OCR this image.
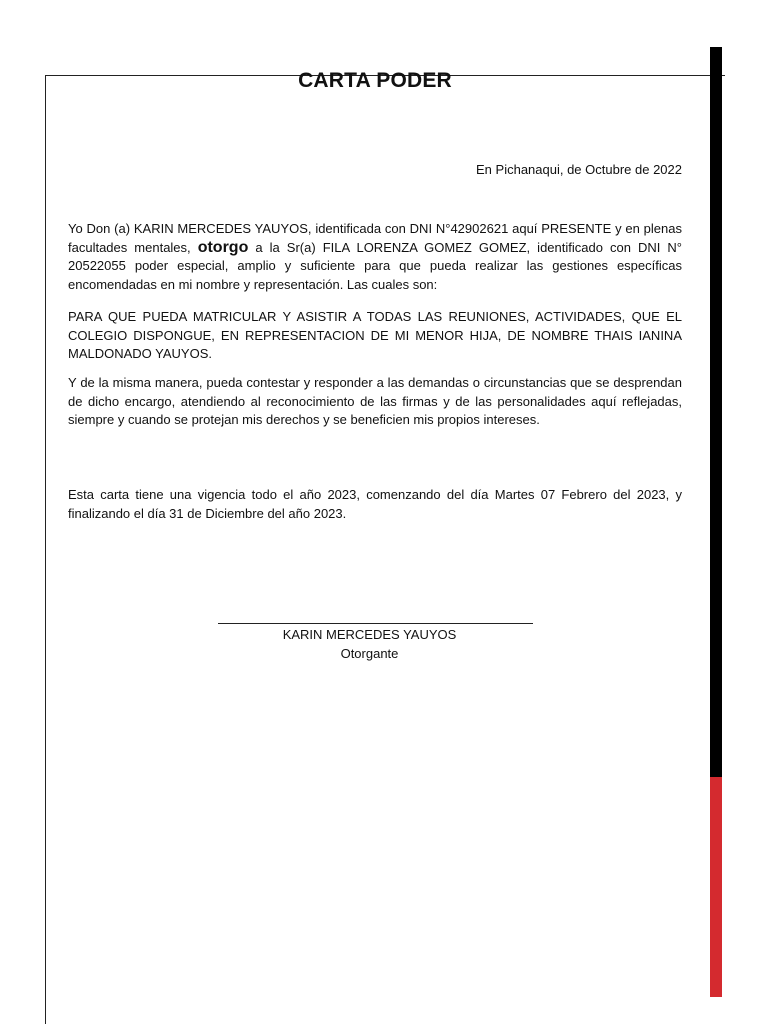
CARTA PODER
En Pichanaqui, de Octubre de 2022

Yo Don (a) KARIN MERCEDES YAUYOS, identificada con DNI N°42902621 aquí PRESENTE y en plenas facultades mentales, otorgo a la Sr(a) FILA LORENZA GOMEZ GOMEZ, identificado con DNI N° 20522055 poder especial, amplio y suficiente para que pueda realizar las gestiones específicas encomendadas en mi nombre y representación. Las cuales son:

PARA QUE PUEDA MATRICULAR Y ASISTIR A TODAS LAS REUNIONES, ACTIVIDADES, QUE EL COLEGIO DISPONGUE, EN REPRESENTACION DE MI MENOR HIJA, DE NOMBRE THAIS IANINA MALDONADO YAUYOS.

Y de la misma manera, pueda contestar y responder a las demandas o circunstancias que se desprendan de dicho encargo, atendiendo al reconocimiento de las firmas y de las personalidades aquí reflejadas, siempre y cuando se protejan mis derechos y se beneficien mis propios intereses.

Esta carta tiene una vigencia todo el año 2023, comenzando del día Martes 07 Febrero del 2023, y finalizando el día 31 de Diciembre del año 2023.

KARIN MERCEDES YAUYOS
Otorgante
